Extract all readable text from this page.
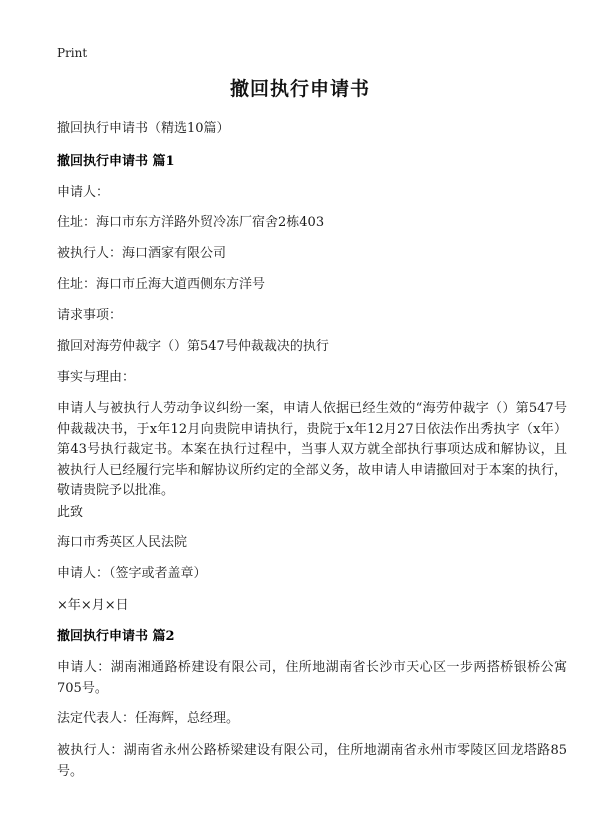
Print
撤回执行申请书
撤回执行申请书（精选10篇）
撤回执行申请书 篇1
申请人：
住址：海口市东方洋路外贸冷冻厂宿舍2栋403
被执行人：海口酒家有限公司
住址：海口市丘海大道西侧东方洋号
请求事项：
撤回对海劳仲裁字（）第547号仲裁裁决的执行
事实与理由：
申请人与被执行人劳动争议纠纷一案，申请人依据已经生效的“海劳仲裁字（）第547号仲裁裁决书，于x年12月向贵院申请执行，贵院于x年12月27日依法作出秀执字（x年）第43号执行裁定书。本案在执行过程中，当事人双方就全部执行事项达成和解协议，且被执行人已经履行完毕和解协议所约定的全部义务，故申请人申请撤回对于本案的执行，敬请贵院予以批准。
此致
海口市秀英区人民法院
申请人：（签字或者盖章）
×年×月×日
撤回执行申请书 篇2
申请人：湖南湘通路桥建设有限公司，住所地湖南省长沙市天心区一步两搭桥银桥公寓705号。
法定代表人：任海辉，总经理。
被执行人：湖南省永州公路桥梁建设有限公司，住所地湖南省永州市零陵区回龙塔路85号。
